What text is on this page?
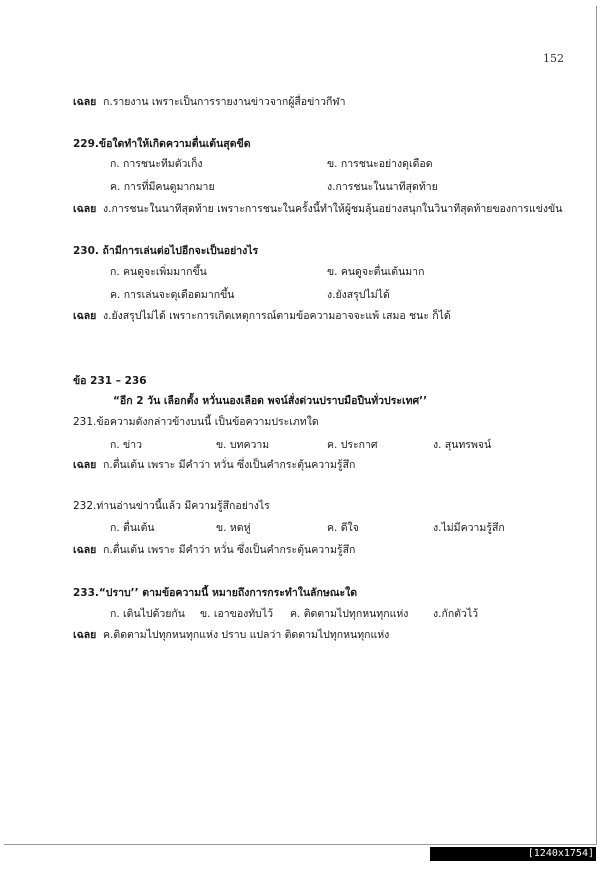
152
เฉลย ก.รายงาน เพราะเป็นการรายงานข่าวจากผู้สื่อข่าวกีฬา
229.ข้อใดทำให้เกิดความตื่นเต้นสุดขีด
ก. การชนะทีมตัวเก็ง	ข. การชนะอย่างดุเดือด
ค. การที่มีคนดูมากมาย	ง.การชนะในนาทีสุดท้าย
เฉลย ง.การชนะในนาทีสุดท้าย เพราะการชนะในครั้งนี้ทำให้ผู้ชมลุ้นอย่างสนุกในวินาทีสุดท้ายของการแข่งขัน
230. ถ้ามีการเล่นต่อไปอีกจะเป็นอย่างไร
ก. คนดูจะเพิ่มมากขึ้น	ข. คนดูจะตื่นเต้นมาก
ค. การเล่นจะดุเดือดมากขึ้น	ง.ยังสรุปไม่ได้
เฉลย ง.ยังสรุปไม่ได้ เพราะการเกิดเหตุการณ์ตามข้อความอาจจะแพ้ เสมอ ชนะ ก็ได้
ข้อ 231 – 236
“อีก 2 วัน เลือกตั้ง หวั่นนองเลือด พจน์สั่งด่วนปราบมือปืนทั่วประเทศ’’
231.ข้อความดังกล่าวข้างบนนี้ เป็นข้อความประเภทใด
ก. ข่าว	ข. บทความ	ค. ประกาศ	ง. สุนทรพจน์
เฉลย ก.ตื่นเต้น เพราะ มีคำว่า หวั่น ซึ่งเป็นคำกระตุ้นความรู้สึก
232.ท่านอ่านข่าวนี้แล้ว มีความรู้สึกอย่างไร
ก. ตื่นเต้น	ข. หดหู่	ค. ดีใจ	ง.ไม่มีความรู้สึก
เฉลย ก.ตื่นเต้น เพราะ มีคำว่า หวั่น ซึ่งเป็นคำกระตุ้นความรู้สึก
233.“ปราบ’’ ตามข้อความนี้ หมายถึงการกระทำในลักษณะใด
ก. เดินไปด้วยกัน ข. เอาของทับไว้ ค. ติดตามไปทุกหนทุกแห่ง ง.กักตัวไว้
เฉลย ค.ติดตามไปทุกหนทุกแห่ง ปราบ แปลว่า ติดตามไปทุกหนทุกแห่ง
[1240x1754] https://upic.me/
